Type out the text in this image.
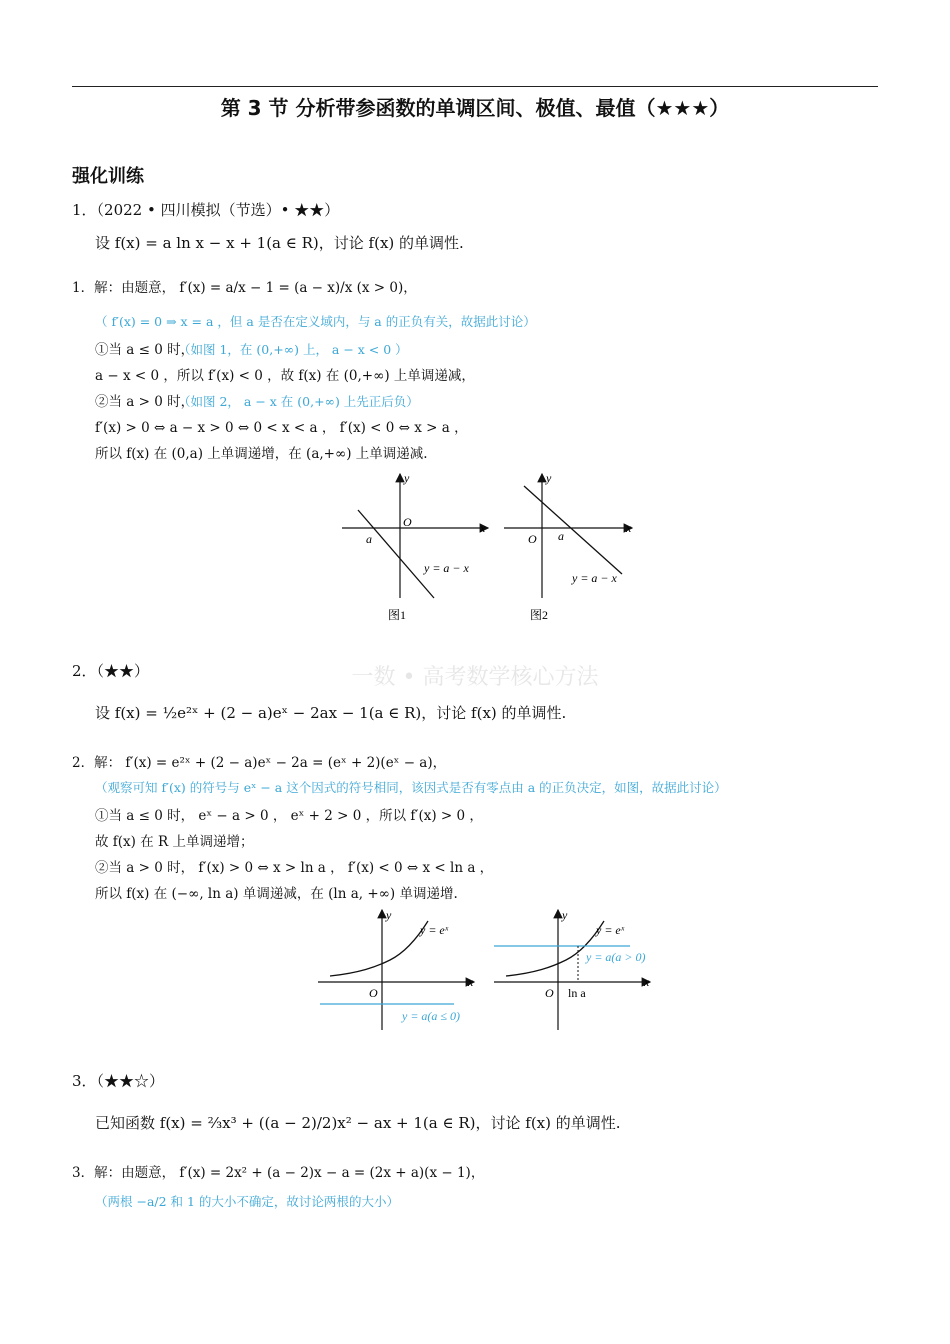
第 3 节 分析带参函数的单调区间、极值、最值（★★★）
强化训练
一数 • 高考数学核心方法
1．（2022 • 四川模拟（节选）• ★★）
设 f(x) = a ln x − x + 1(a ∈ R)，讨论 f(x) 的单调性.
1．解：由题意， f′(x) = a/x − 1 = (a − x)/x (x > 0)，
（ f′(x) = 0 ⇒ x = a ，但 a 是否在定义域内，与 a 的正负有关，故据此讨论）
①当 a ≤ 0 时，
（如图 1，在 (0,+∞) 上， a − x < 0 ）
a − x < 0 ，所以 f′(x) < 0 ，故 f(x) 在 (0,+∞) 上单调递减，
②当 a > 0 时，
（如图 2， a − x 在 (0,+∞) 上先正后负）
f′(x) > 0 ⇔ a − x > 0 ⇔ 0 < x < a ， f′(x) < 0 ⇔ x > a ，
所以 f(x) 在 (0,a) 上单调递增，在 (a,+∞) 上单调递减.
x
y
O
a
y = a − x
图1
x
y
O a
y = a − x
图2
2．（★★）
设 f(x) = ½e²ˣ + (2 − a)eˣ − 2ax − 1(a ∈ R)，讨论 f(x) 的单调性.
2．解： f′(x) = e²ˣ + (2 − a)eˣ − 2a = (eˣ + 2)(eˣ − a)，
（观察可知 f′(x) 的符号与 eˣ − a 这个因式的符号相同，该因式是否有零点由 a 的正负决定，如图，故据此讨论）
①当 a ≤ 0 时， eˣ − a > 0 ， eˣ + 2 > 0 ，所以 f′(x) > 0 ，
故 f(x) 在 R 上单调递增；
②当 a > 0 时， f′(x) > 0 ⇔ x > ln a ， f′(x) < 0 ⇔ x < ln a ，
所以 f(x) 在 (−∞, ln a) 单调递减，在 (ln a, +∞) 单调递增.
x
y
O
y = eˣ
y = a(a ≤ 0)
x
y
O ln a
y = eˣ
y = a(a > 0)
3．（★★☆）
已知函数 f(x) = ⅔x³ + ((a − 2)/2)x² − ax + 1(a ∈ R)，讨论 f(x) 的单调性.
3．解：由题意， f′(x) = 2x² + (a − 2)x − a = (2x + a)(x − 1)，
（两根 −a/2 和 1 的大小不确定，故讨论两根的大小）
